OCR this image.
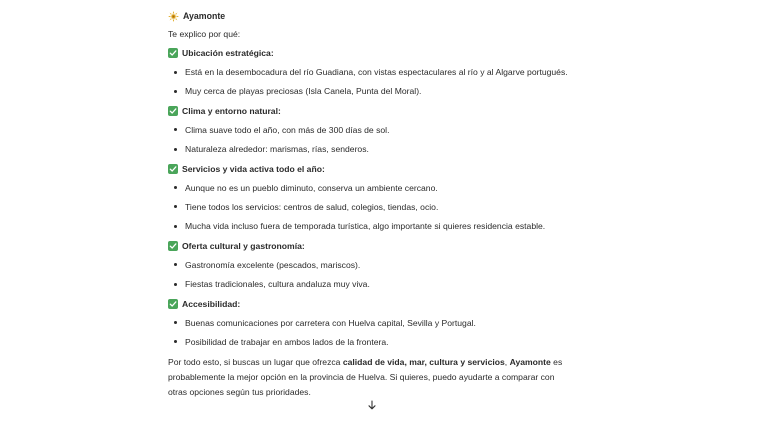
Ayamonte
Te explico por qué:
Ubicación estratégica:
Está en la desembocadura del río Guadiana, con vistas espectaculares al río y al Algarve portugués.
Muy cerca de playas preciosas (Isla Canela, Punta del Moral).
Clima y entorno natural:
Clima suave todo el año, con más de 300 días de sol.
Naturaleza alrededor: marismas, rías, senderos.
Servicios y vida activa todo el año:
Aunque no es un pueblo diminuto, conserva un ambiente cercano.
Tiene todos los servicios: centros de salud, colegios, tiendas, ocio.
Mucha vida incluso fuera de temporada turística, algo importante si quieres residencia estable.
Oferta cultural y gastronomía:
Gastronomía excelente (pescados, mariscos).
Fiestas tradicionales, cultura andaluza muy viva.
Accesibilidad:
Buenas comunicaciones por carretera con Huelva capital, Sevilla y Portugal.
Posibilidad de trabajar en ambos lados de la frontera.
Por todo esto, si buscas un lugar que ofrezca calidad de vida, mar, cultura y servicios, Ayamonte es probablemente la mejor opción en la provincia de Huelva. Si quieres, puedo ayudarte a comparar con otras opciones según tus prioridades.
